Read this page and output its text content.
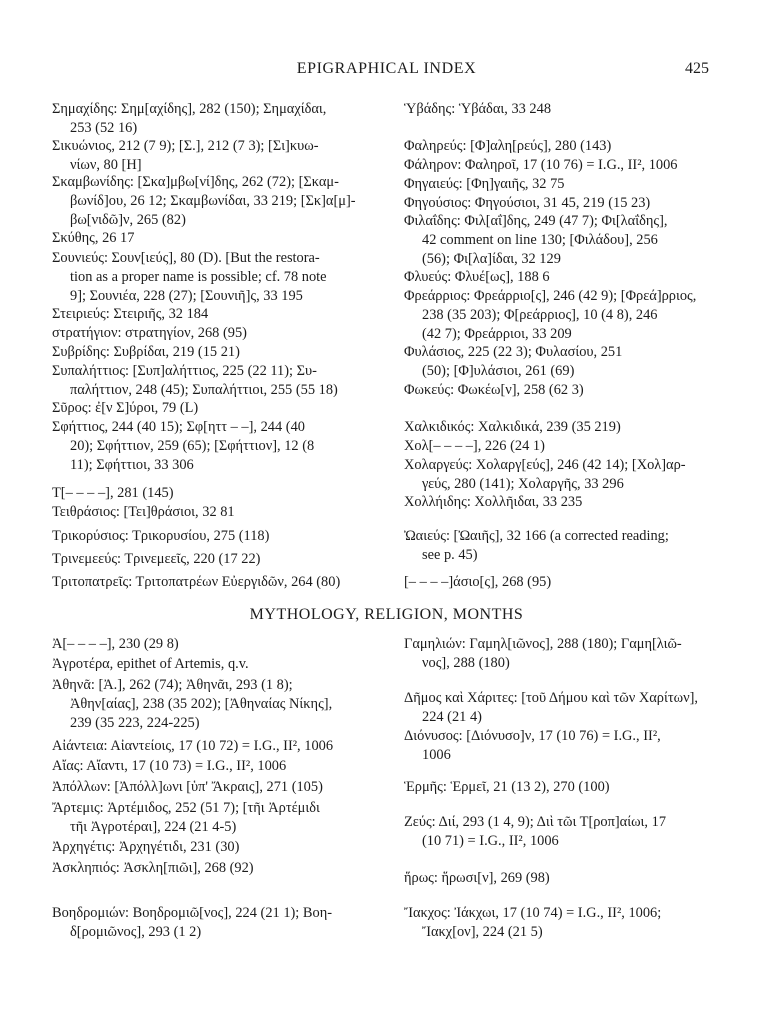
EPIGRAPHICAL INDEX	425
Σημαχίδης: Σημ[αχίδης], 282 (150); Σημαχίδαι,
253 (52 16)
Σικυώνιος, 212 (7 9); [Σ.], 212 (7 3); [Σι]κυω-
νίων, 80 [H]
Σκαμβωνίδης: [Σκα]μβω[νί]δης, 262 (72); [Σκαμ-
βωνίδ]ου, 26 12; Σκαμβωνίδαι, 33 219; [Σκ]α[μ]-
βω[νιδῶ]ν, 265 (82)
Σκύθης, 26 17
Σουνιεύς: Σουν[ιεύς], 80 (D). [But the restora-
tion as a proper name is possible; cf. 78 note
9]; Σουνιέα, 228 (27); [Σουνιῆ]ς, 33 195
Στειριεύς: Στειριῆς, 32 184
στρατήγιον: στρατηγίον, 268 (95)
Συβρίδης: Συβρίδαι, 219 (15 21)
Συπαλήττιος: [Συπ]αλήττιος, 225 (22 11); Συ-
παλήττιον, 248 (45); Συπαλήττιοι, 255 (55 18)
Σῦρος: ἐ[ν Σ]ύροι, 79 (L)
Σφήττιος, 244 (40 15); Σφ[ηττ – –], 244 (40
20); Σφήττιον, 259 (65); [Σφήττιον], 12 (8
11); Σφήττιοι, 33 306
Τ[– – – –], 281 (145)
Τειθράσιος: [Τει]θράσιοι, 32 81
Τρικορύσιος: Τρικορυσίου, 275 (118)
Τρινεμεεύς: Τρινεμεεῖς, 220 (17 22)
Τριτοπατρεῖς: Τριτοπατρέων Εὐεργιδῶν, 264 (80)
Ὑβάδης: Ὑβάδαι, 33 248
Φαληρεύς: [Φ]αλη[ρεύς], 280 (143)
Φάληρον: Φαληροῖ, 17 (10 76) = I.G., II², 1006
Φηγαιεύς: [Φη]γαιῆς, 32 75
Φηγούσιος: Φηγούσιοι, 31 45, 219 (15 23)
Φιλαΐδης: Φιλ[αΐ]δης, 249 (47 7); Φι[λαΐδης],
42 comment on line 130; [Φιλάδου], 256
(56); Φι[λα]ίδαι, 32 129
Φλυεύς: Φλυέ[ως], 188 6
Φρεάρριος: Φρεάρριο[ς], 246 (42 9); [Φρεά]ρριος,
238 (35 203); Φ[ρεάρριος], 10 (4 8), 246
(42 7); Φρεάρριοι, 33 209
Φυλάσιος, 225 (22 3); Φυλασίου, 251
(50); [Φ]υλάσιοι, 261 (69)
Φωκεύς: Φωκέω[ν], 258 (62 3)
Χαλκιδικός: Χαλκιδικά, 239 (35 219)
Χολ[– – – –], 226 (24 1)
Χολαργεύς: Χολαργ[εύς], 246 (42 14); [Χολ]αρ-
γεύς, 280 (141); Χολαργῆς, 33 296
Χολλήιδης: Χολλῆιδαι, 33 235
Ὠαιεύς: [Ὠαιῆς], 32 166 (a corrected reading;
see p. 45)
[– – – –]άσιο[ς], 268 (95)
MYTHOLOGY, RELIGION, MONTHS
Ἀ[– – – –], 230 (29 8)
Ἀγροτέρα, epithet of Artemis, q.v.
Ἀθηνᾶ: [Ἀ.], 262 (74); Ἀθηνᾶι, 293 (1 8);
Ἀθην[αίας], 238 (35 202); [Ἀθηναίας Νίκης],
239 (35 223, 224-225)
Αἰάντεια: Αἰαντείοις, 17 (10 72) = I.G., II², 1006
Αἴας: Αἴαντι, 17 (10 73) = I.G., II², 1006
Ἀπόλλων: [Ἀπόλλ]ωνι [ὑπ' Ἄκραις], 271 (105)
Ἄρτεμις: Ἀρτέμιδος, 252 (51 7); [τῆι Ἀρτέμιδι
τῆι Ἀγροτέραι], 224 (21 4-5)
Ἀρχηγέτις: Ἀρχηγέτιδι, 231 (30)
Ἀσκληπιός: Ἀσκλη[πιῶι], 268 (92)
Βοηδρομιών: Βοηδρομιῶ[νος], 224 (21 1); Βοη-
δ[ρομιῶνος], 293 (1 2)
Γαμηλιών: Γαμηλ[ιῶνος], 288 (180); Γαμη[λιῶ-
νος], 288 (180)
Δῆμος καὶ Χάριτες: [τοῦ Δήμου καὶ τῶν Χαρίτων],
224 (21 4)
Διόνυσος: [Διόνυσο]ν, 17 (10 76) = I.G., II²,
1006
Ἑρμῆς: Ἑρμεῖ, 21 (13 2), 270 (100)
Ζεύς: Διί, 293 (1 4, 9); Διὶ τῶι Τ[ροπ]αίωι, 17
(10 71) = I.G., II², 1006
ἥρως: ἥρωσι[ν], 269 (98)
Ἴακχος: Ἰάκχωι, 17 (10 74) = I.G., II², 1006;
Ἴακχ[ον], 224 (21 5)
